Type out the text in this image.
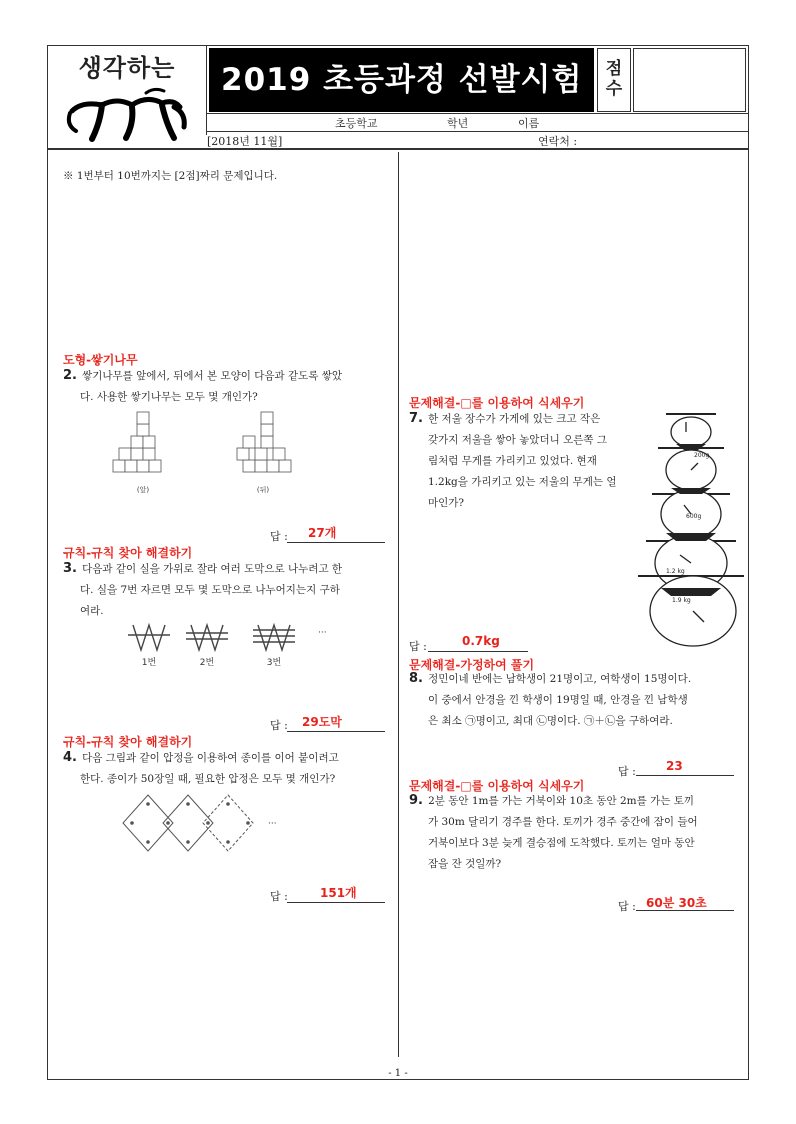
생각하는	2019 초등과정 선발시험	점
수
초등학교	학년	이름
[2018년 11월]	연락처 :
※ 1번부터 10번까지는 [2점]짜리 문제입니다.
도형-쌓기나무
2. 쌓기나무를 앞에서, 뒤에서 본 모양이 다음과 같도록 쌓았
다. 사용한 쌓기나무는 모두 몇 개인가?
(앞)	(뒤)
답 : 27개
규칙-규칙 찾아 해결하기
3. 다음과 같이 실을 가위로 잘라 여러 도막으로 나누려고 한
다. 실을 7번 자르면 모두 몇 도막으로 나누어지는지 구하
여라.
1번	2번	3번
···
답 : 29도막
규칙-규칙 찾아 해결하기
4. 다음 그림과 같이 압정을 이용하여 종이를 이어 붙이려고
한다. 종이가 50장일 때, 필요한 압정은 모두 몇 개인가?
···
답 :	151개
문제해결-□를 이용하여 식세우기
7. 한 저울 장수가 가게에 있는 크고 작은
갖가지 저울을 쌓아 놓았더니 오른쪽 그
림처럼 무게를 가리키고 있었다. 현재
1.2kg을 가리키고 있는 저울의 무게는 얼
마인가?
200g
600g
1.2 kg
1.9 kg
답 :	0.7kg
문제해결-가정하여 풀기
8. 정민이네 반에는 남학생이 21명이고, 여학생이 15명이다.
이 중에서 안경을 낀 학생이 19명일 때, 안경을 낀 남학생
은 최소 ㉠명이고, 최대 ㉡명이다. ㉠＋㉡을 구하여라.
답 :	23
문제해결-□를 이용하여 식세우기
9. 2분 동안 1m를 가는 거북이와 10초 동안 2m를 가는 토끼
가 30m 달리기 경주를 한다. 토끼가 경주 중간에 잠이 들어
거북이보다 3분 늦게 결승점에 도착했다. 토끼는 얼마 동안
잠을 잔 것일까?
답 : 60분 30초
- 1 -
